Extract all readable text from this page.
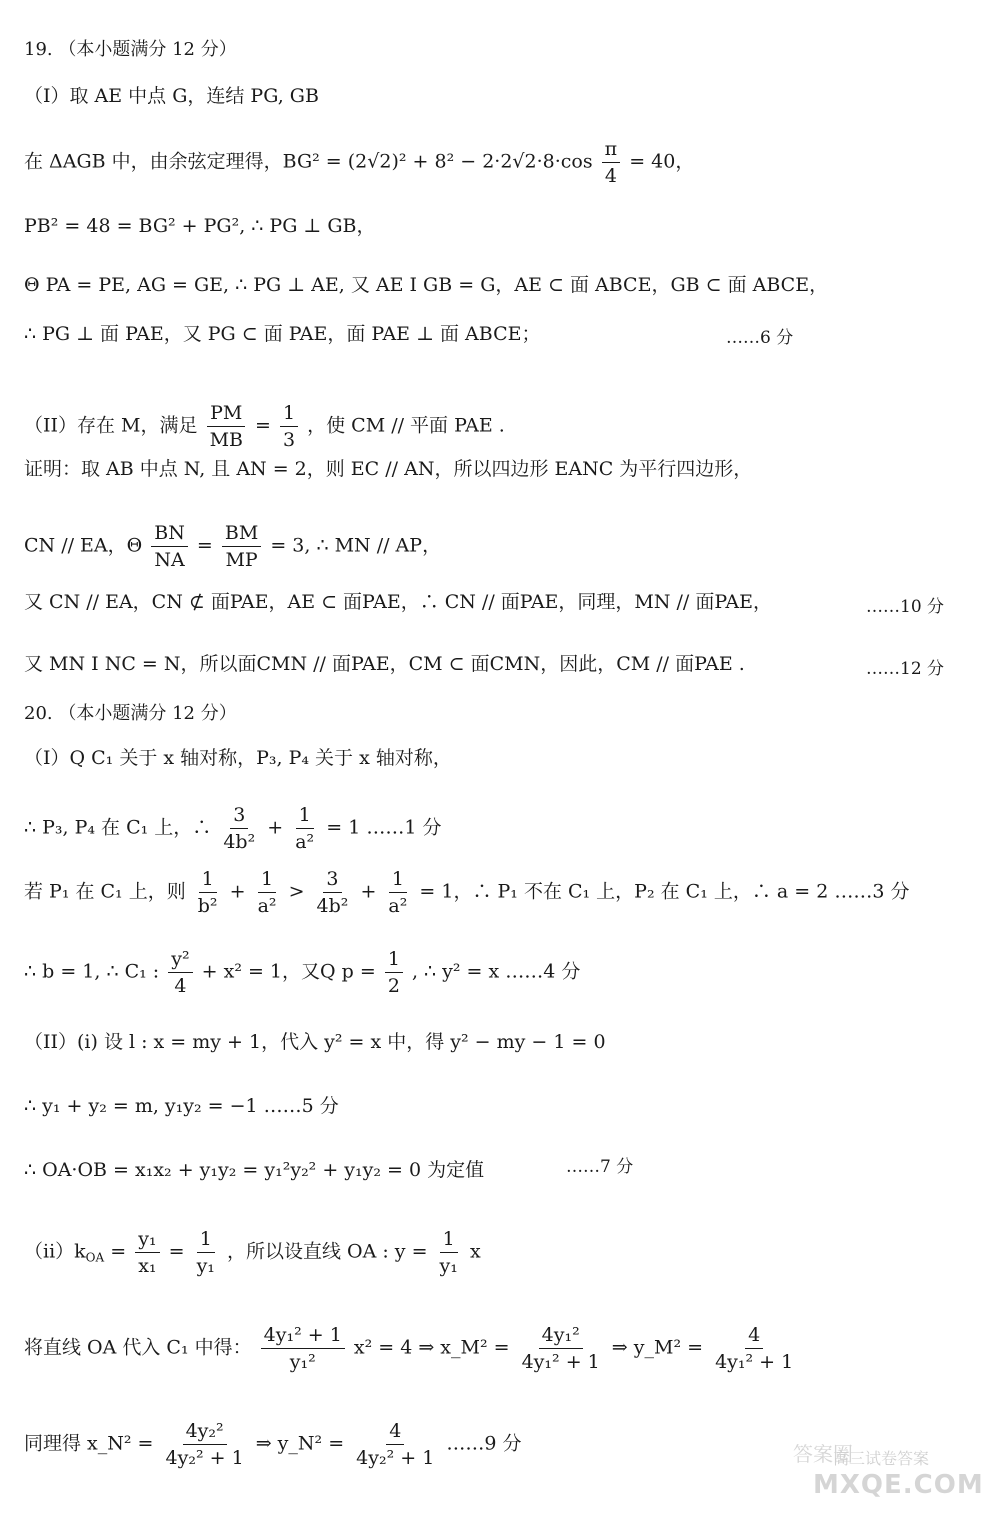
19. （本小题满分 12 分）
（I）取 AE 中点 G，连结 PG, GB
在 ΔAGB 中，由余弦定理得，$BG^2 = (2√2)^2 + 8^2 - 2\cdot 2√2\cdot 8\cdot\cos \frac{\pi}{4} = 40$，
PB² = 48 = BG² + PG², ∴ PG ⊥ GB，
Θ PA = PE, AG = GE, ∴ PG ⊥ AE, 又 AE I GB = G，AE ⊂ 面 ABCE，GB ⊂ 面 ABCE，
∴ PG ⊥ 面 PAE，又 PG ⊂ 面 PAE，面 PAE ⊥ 面 ABCE；	……6 分
（II）存在 M，满足 $\frac{PM}{MB} = \frac{1}{3}$ ，使 CM // 平面 PAE .
证明：取 AB 中点 N, 且 AN = 2，则 EC // AN，所以四边形 EANC 为平行四边形，
CN // EA，Θ $\frac{BN}{NA} = \frac{BM}{MP} = 3$, ∴ MN // AP，
又 CN // EA，CN ⊄ 面PAE，AE ⊂ 面PAE，∴ CN // 面PAE，同理，MN // 面PAE，	……10 分
又 MN I NC = N，所以面CMN // 面PAE，CM ⊂ 面CMN，因此，CM // 面PAE .	……12 分
20. （本小题满分 12 分）
（I）Q C₁ 关于 x 轴对称，P₃, P₄ 关于 x 轴对称，
∴ P₃, P₄ 在 C₁ 上，∴ $\frac{3}{\text{4b²}} + \frac{1}{\text{a²}} = 1$ ……1 分
若 P₁ 在 C₁ 上，则 $\frac{1}{\text{b²}} + \frac{1}{\text{a²}} > \frac{3}{\text{4b²}} + \frac{1}{\text{a²}} = 1$，∴ P₁ 不在 C₁ 上，P₂ 在 C₁ 上，∴ a = 2 ……3 分
∴ b = 1, ∴ C₁ : $\frac{\text{y²}}{4} + x^2 = 1$，又Q $p = \frac{1}{2}$ , ∴ y² = x ……4 分
（II）(i) 设 l : x = my + 1，代入 y² = x 中，得 y² − my − 1 = 0
∴ y₁ + y₂ = m, y₁y₂ = −1 ……5 分
∴ OA·OB = x₁x₂ + y₁y₂ = y₁²y₂² + y₁y₂ = 0 为定值	……7 分
$(ii)k_{OA} = \frac{\text{y₁}}{\text{x₁}} = \frac{1}{\text{y₁}}$ ，所以设直线 OA : $y = \frac{1}{\text{y₁}}$ x
将直线 OA 代入 C₁ 中得： $\frac{\text{4y₁² + 1}}{\text{y₁²}} x^2 = 4$ ⇒ x_M² = $\frac{\text{4y₁²}}{\text{4y₁² + 1}}$ ⇒ y_M² = $\frac{4}{\text{4y₁² + 1}}$
同理得 x_N² = $\frac{\text{4y₂²}}{\text{4y₂² + 1}}$ ⇒ y_N² = $\frac{4}{\text{4y₂² + 1}}$ ……9 分	答案圈
MXQE.COM
高三试卷答案
